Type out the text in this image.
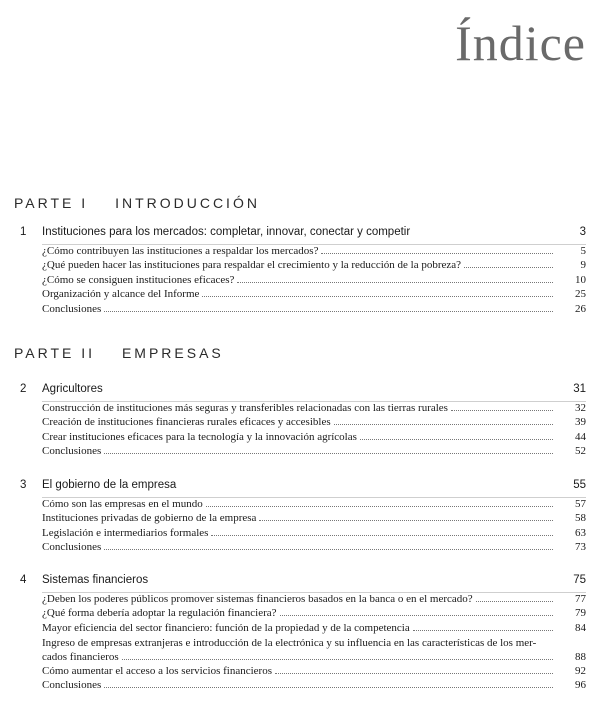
Índice
PARTE I INTRODUCCIÓN
1	Instituciones para los mercados: completar, innovar, conectar y competir	3
¿Cómo contribuyen las instituciones a respaldar los mercados?	5
¿Qué pueden hacer las instituciones para respaldar el crecimiento y la reducción de la pobreza?	9
¿Cómo se consiguen instituciones eficaces?	10
Organización y alcance del Informe	25
Conclusiones	26
PARTE II EMPRESAS
2	Agricultores	31
Construcción de instituciones más seguras y transferibles relacionadas con las tierras rurales	32
Creación de instituciones financieras rurales eficaces y accesibles	39
Crear instituciones eficaces para la tecnología y la innovación agrícolas	44
Conclusiones	52
3	El gobierno de la empresa	55
Cómo son las empresas en el mundo	57
Instituciones privadas de gobierno de la empresa	58
Legislación e intermediarios formales	63
Conclusiones	73
4	Sistemas financieros	75
¿Deben los poderes públicos promover sistemas financieros basados en la banca o en el mercado?	77
¿Qué forma debería adoptar la regulación financiera?	79
Mayor eficiencia del sector financiero: función de la propiedad y de la competencia	84
Ingreso de empresas extranjeras e introducción de la electrónica y su influencia en las características de los mer-
cados financieros	88
Cómo aumentar el acceso a los servicios financieros	92
Conclusiones	96
